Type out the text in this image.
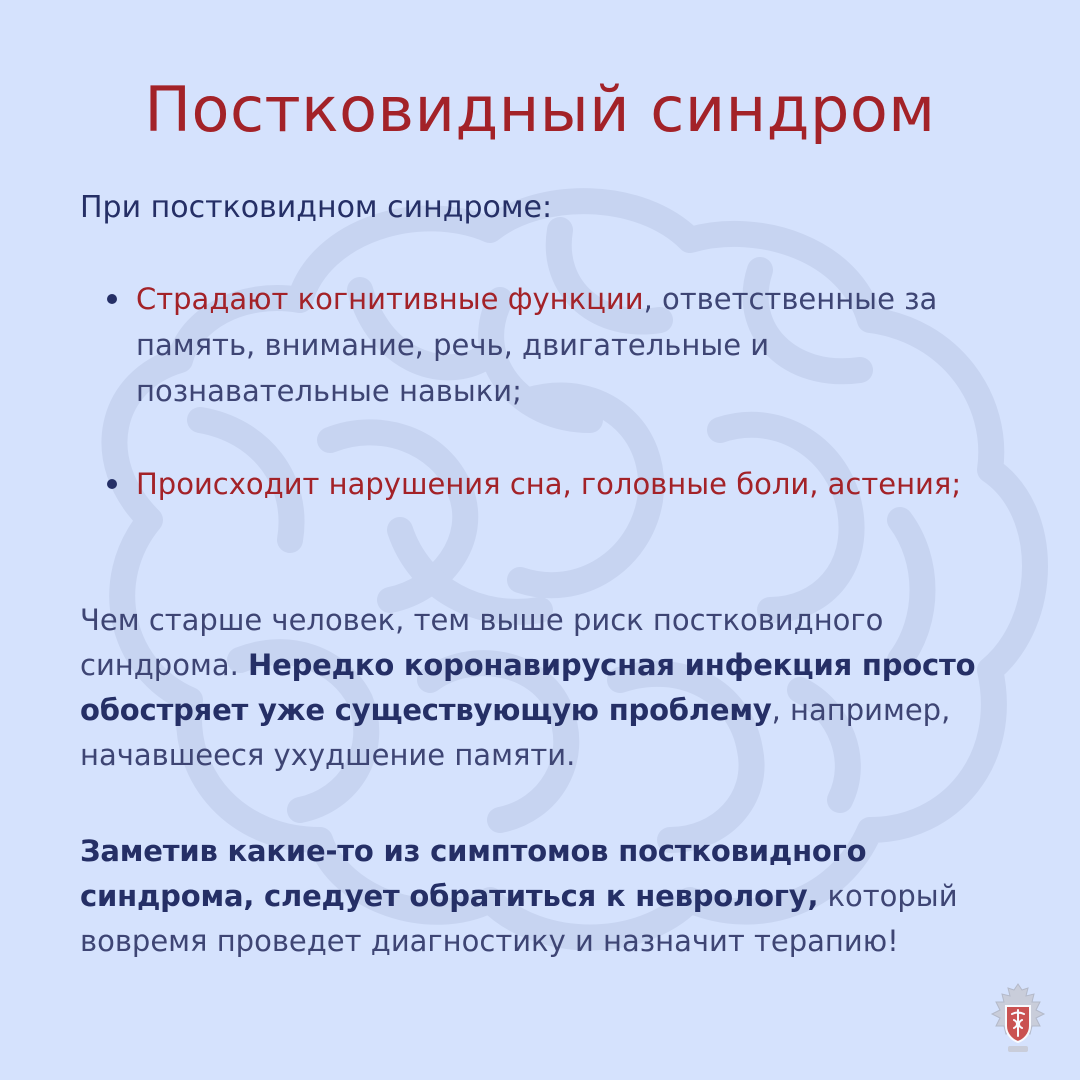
Постковидный синдром

При постковидном синдроме:

Страдают когнитивные функции, ответственные за память, внимание, речь, двигательные и познавательные навыки;
Происходит нарушения сна, головные боли, астения;

Чем старше человек, тем выше риск постковидного синдрома. Нередко коронавирусная инфекция просто обостряет уже существующую проблему, например, начавшееся ухудшение памяти.

Заметив какие-то из симптомов постковидного синдрома, следует обратиться к неврологу, который вовремя проведет диагностику и назначит терапию!
